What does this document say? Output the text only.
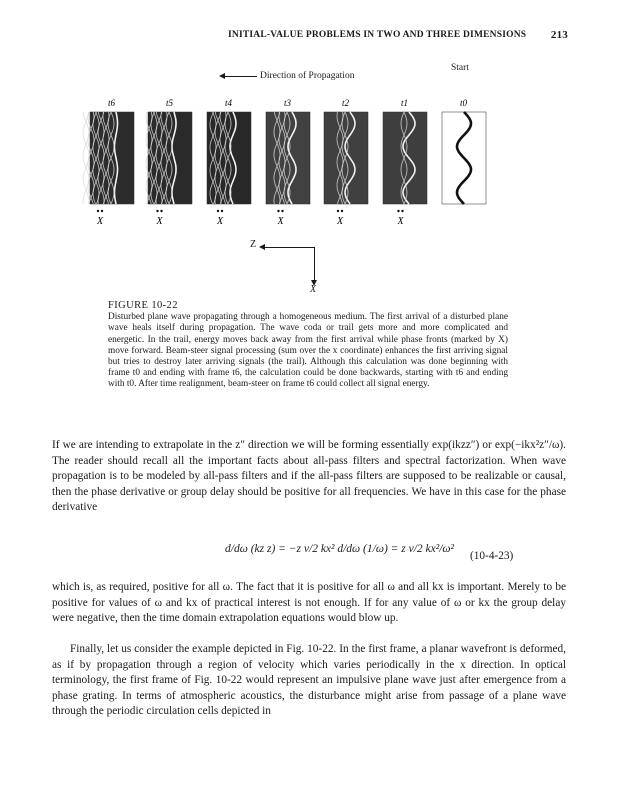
INITIAL-VALUE PROBLEMS IN TWO AND THREE DIMENSIONS 213
Start
Direction of Propagation
t6
X
t5
X
t4
X
t3
X
t2
X
t1
X
t0
Z
X
FIGURE 10-22
Disturbed plane wave propagating through a homogeneous medium. The first arrival of a disturbed plane wave heals itself during propagation. The wave coda or trail gets more and more complicated and energetic. In the trail, energy moves back away from the first arrival while phase fronts (marked by X) move forward. Beam-steer signal processing (sum over the x coordinate) enhances the first arriving signal but tries to destroy later arriving signals (the trail). Although this calculation was done beginning with frame t0 and ending with frame t6, the calculation could be done backwards, starting with t6 and ending with t0. After time realignment, beam-steer on frame t6 could collect all signal energy.
If we are intending to extrapolate in the z″ direction we will be forming essentially exp(ikzz″) or exp(−ikx²z″/ω). The reader should recall all the important facts about all-pass filters and spectral factorization. When wave propagation is to be modeled by all-pass filters and if the all-pass filters are supposed to be realizable or causal, then the phase derivative or group delay should be positive for all frequencies. We have in this case for the phase derivative
d/dω (kz z) = −z v/2 kx² d/dω (1/ω) = z v/2 kx²/ω²
(10-4-23)
which is, as required, positive for all ω. The fact that it is positive for all ω and all kx is important. Merely to be positive for values of ω and kx of practical interest is not enough. If for any value of ω or kx the group delay were negative, then the time domain extrapolation equations would blow up.
Finally, let us consider the example depicted in Fig. 10-22. In the first frame, a planar wavefront is deformed, as if by propagation through a region of velocity which varies periodically in the x direction. In optical terminology, the first frame of Fig. 10-22 would represent an impulsive plane wave just after emergence from a phase grating. In terms of atmospheric acoustics, the disturbance might arise from passage of a plane wave through the periodic circulation cells depicted in
